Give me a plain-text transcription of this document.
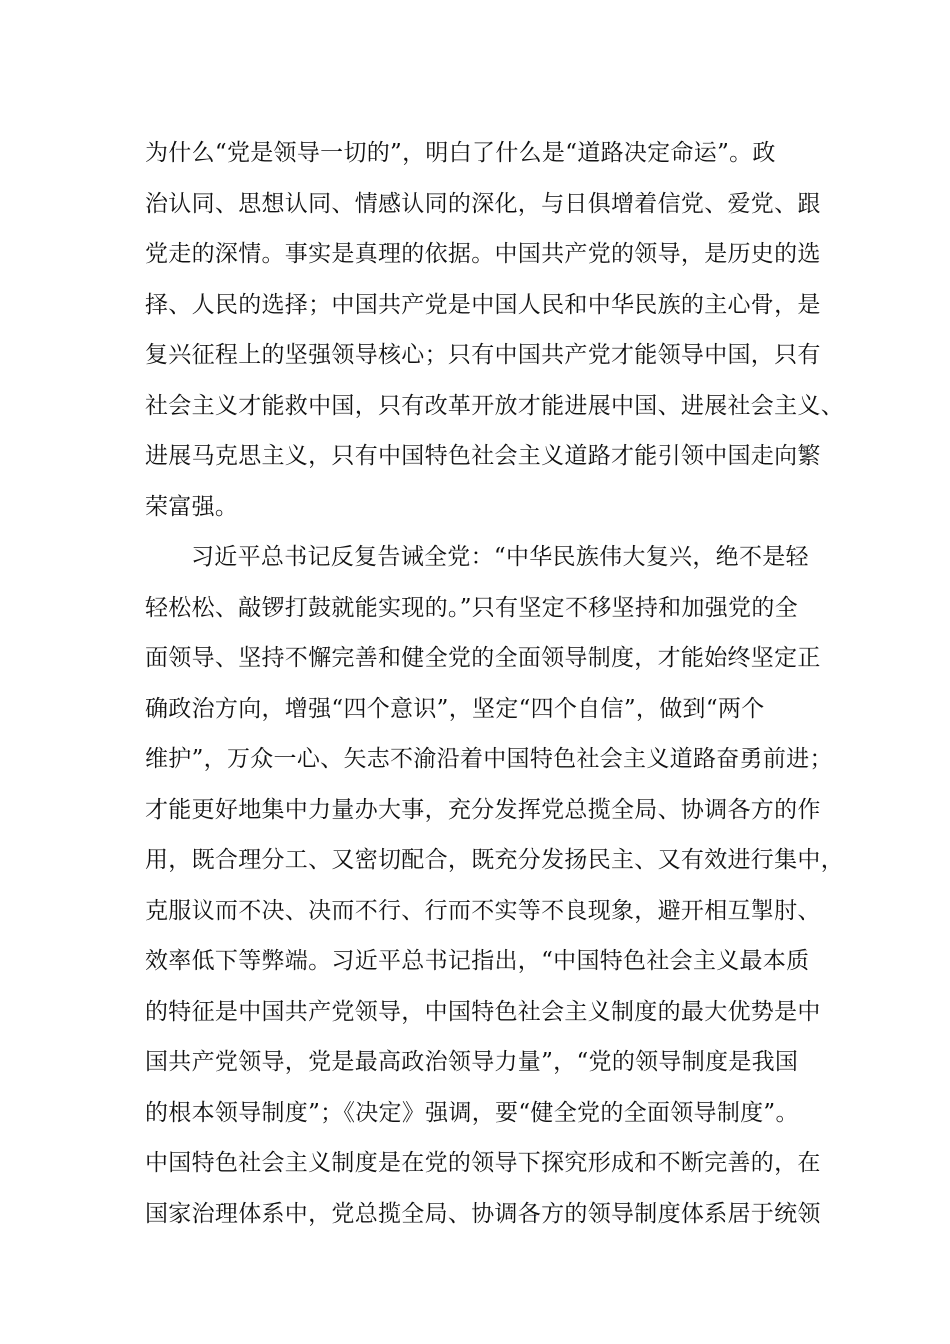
为什么“党是领导一切的”，明白了什么是“道路决定命运”。政

治认同、思想认同、情感认同的深化，与日俱增着信党、爱党、跟

党走的深情。事实是真理的依据。中国共产党的领导，是历史的选

择、人民的选择；中国共产党是中国人民和中华民族的主心骨，是

复兴征程上的坚强领导核心；只有中国共产党才能领导中国，只有

社会主义才能救中国，只有改革开放才能进展中国、进展社会主义、

进展马克思主义，只有中国特色社会主义道路才能引领中国走向繁

荣富强。

习近平总书记反复告诫全党：“中华民族伟大复兴，绝不是轻

轻松松、敲锣打鼓就能实现的。”只有坚定不移坚持和加强党的全

面领导、坚持不懈完善和健全党的全面领导制度，才能始终坚定正

确政治方向，增强“四个意识”，坚定“四个自信”，做到“两个

维护”，万众一心、矢志不渝沿着中国特色社会主义道路奋勇前进；

才能更好地集中力量办大事，充分发挥党总揽全局、协调各方的作

用，既合理分工、又密切配合，既充分发扬民主、又有效进行集中，

克服议而不决、决而不行、行而不实等不良现象，避开相互掣肘、

效率低下等弊端。习近平总书记指出，“中国特色社会主义最本质

的特征是中国共产党领导，中国特色社会主义制度的最大优势是中

国共产党领导，党是最高政治领导力量”，“党的领导制度是我国

的根本领导制度”；《决定》强调，要“健全党的全面领导制度”。

中国特色社会主义制度是在党的领导下探究形成和不断完善的，在

国家治理体系中，党总揽全局、协调各方的领导制度体系居于统领
